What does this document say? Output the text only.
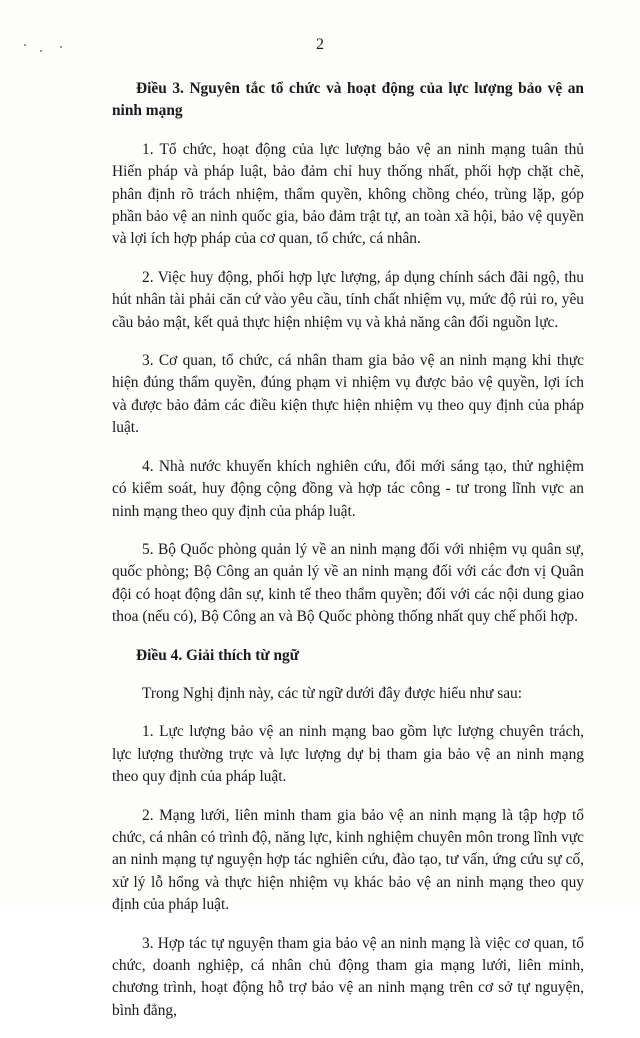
2

Điều 3. Nguyên tắc tổ chức và hoạt động của lực lượng bảo vệ an ninh mạng

1. Tổ chức, hoạt động của lực lượng bảo vệ an ninh mạng tuân thủ Hiến pháp và pháp luật, bảo đảm chỉ huy thống nhất, phối hợp chặt chẽ, phân định rõ trách nhiệm, thẩm quyền, không chồng chéo, trùng lặp, góp phần bảo vệ an ninh quốc gia, bảo đảm trật tự, an toàn xã hội, bảo vệ quyền và lợi ích hợp pháp của cơ quan, tổ chức, cá nhân.

2. Việc huy động, phối hợp lực lượng, áp dụng chính sách đãi ngộ, thu hút nhân tài phải căn cứ vào yêu cầu, tính chất nhiệm vụ, mức độ rủi ro, yêu cầu bảo mật, kết quả thực hiện nhiệm vụ và khả năng cân đối nguồn lực.

3. Cơ quan, tổ chức, cá nhân tham gia bảo vệ an ninh mạng khi thực hiện đúng thẩm quyền, đúng phạm vi nhiệm vụ được bảo vệ quyền, lợi ích và được bảo đảm các điều kiện thực hiện nhiệm vụ theo quy định của pháp luật.

4. Nhà nước khuyến khích nghiên cứu, đổi mới sáng tạo, thử nghiệm có kiểm soát, huy động cộng đồng và hợp tác công - tư trong lĩnh vực an ninh mạng theo quy định của pháp luật.

5. Bộ Quốc phòng quản lý về an ninh mạng đối với nhiệm vụ quân sự, quốc phòng; Bộ Công an quản lý về an ninh mạng đối với các đơn vị Quân đội có hoạt động dân sự, kinh tế theo thẩm quyền; đối với các nội dung giao thoa (nếu có), Bộ Công an và Bộ Quốc phòng thống nhất quy chế phối hợp.

Điều 4. Giải thích từ ngữ

Trong Nghị định này, các từ ngữ dưới đây được hiểu như sau:

1. Lực lượng bảo vệ an ninh mạng bao gồm lực lượng chuyên trách, lực lượng thường trực và lực lượng dự bị tham gia bảo vệ an ninh mạng theo quy định của pháp luật.

2. Mạng lưới, liên minh tham gia bảo vệ an ninh mạng là tập hợp tổ chức, cá nhân có trình độ, năng lực, kinh nghiệm chuyên môn trong lĩnh vực an ninh mạng tự nguyện hợp tác nghiên cứu, đào tạo, tư vấn, ứng cứu sự cố, xử lý lỗ hổng và thực hiện nhiệm vụ khác bảo vệ an ninh mạng theo quy định của pháp luật.

3. Hợp tác tự nguyện tham gia bảo vệ an ninh mạng là việc cơ quan, tổ chức, doanh nghiệp, cá nhân chủ động tham gia mạng lưới, liên minh, chương trình, hoạt động hỗ trợ bảo vệ an ninh mạng trên cơ sở tự nguyện, bình đẳng,
